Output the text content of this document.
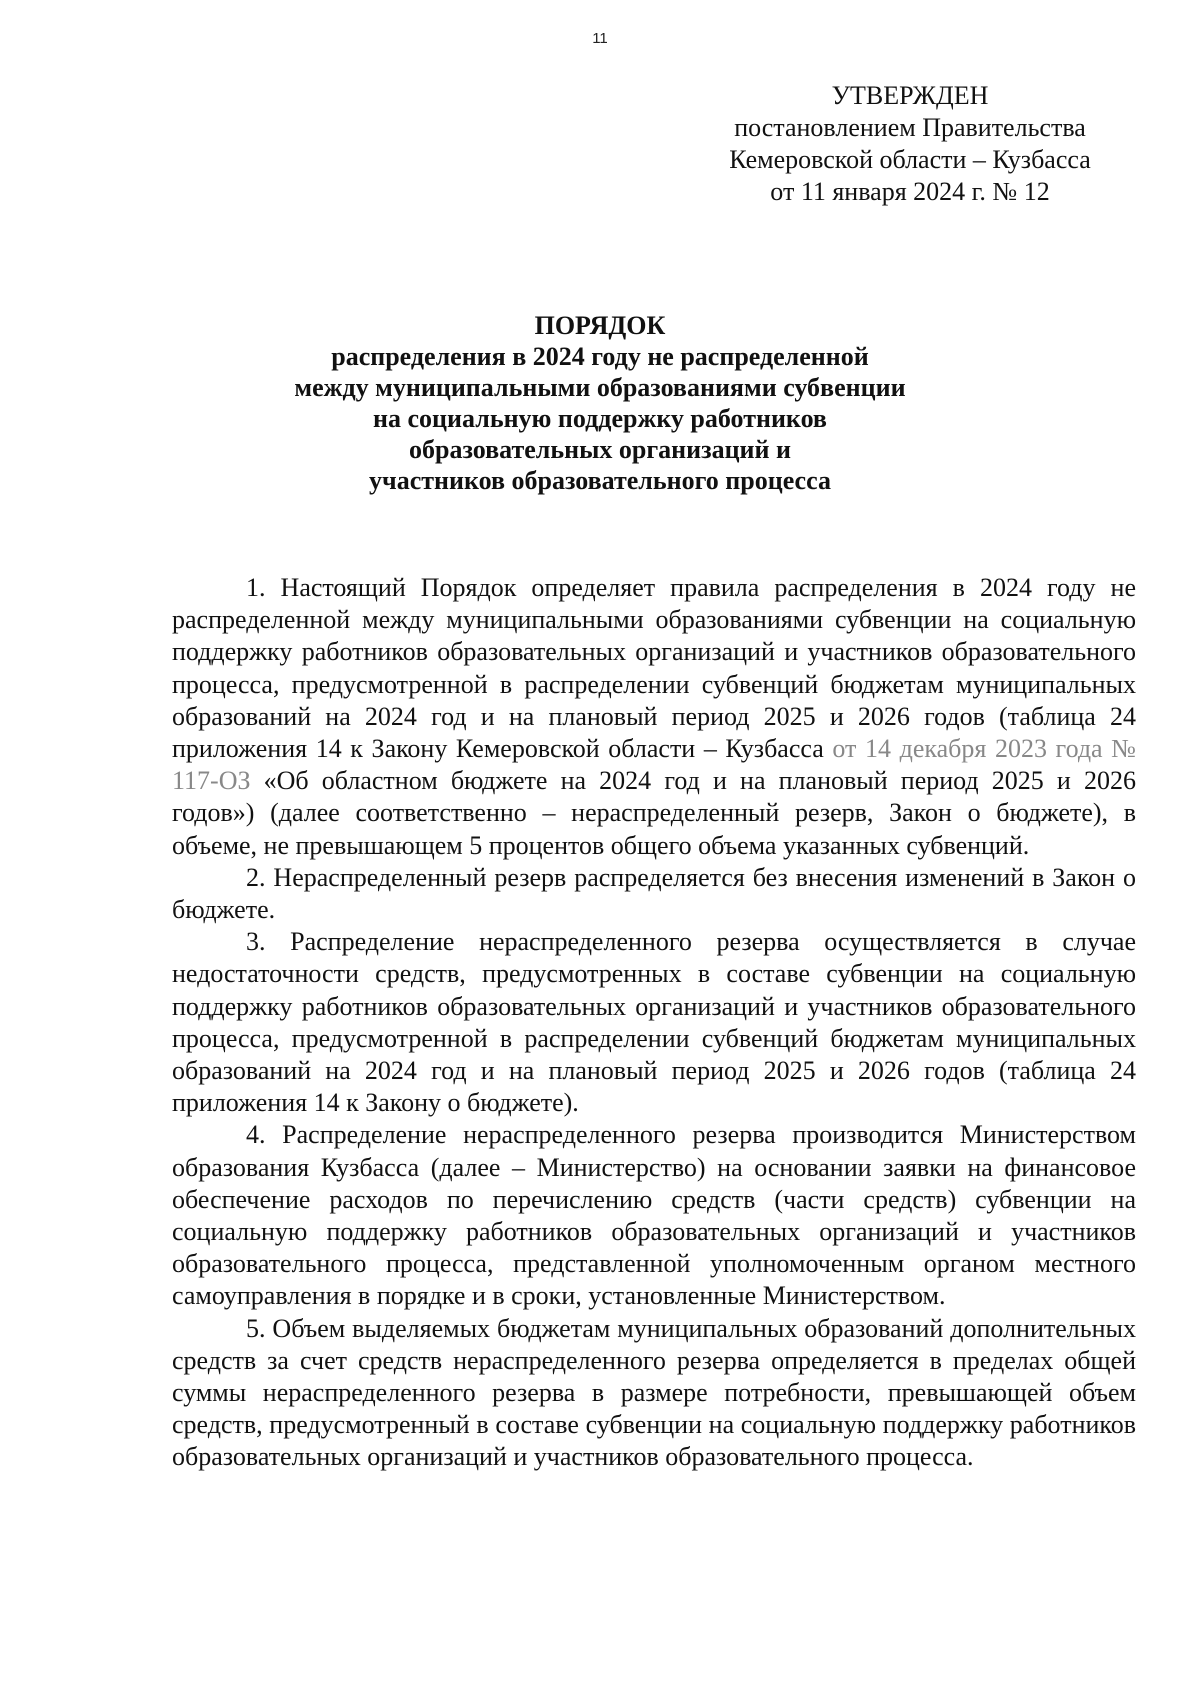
11
УТВЕРЖДЕН
постановлением Правительства
Кемеровской области – Кузбасса
от 11 января 2024 г. № 12
ПОРЯДОК
распределения в 2024 году не распределенной
между муниципальными образованиями субвенции
на социальную поддержку работников
образовательных организаций и
участников образовательного процесса

1. Настоящий Порядок определяет правила распределения в 2024 году не распределенной между муниципальными образованиями субвенции на социальную поддержку работников образовательных организаций и участников образовательного процесса, предусмотренной в распределении субвенций бюджетам муниципальных образований на 2024 год и на плановый период 2025 и 2026 годов (таблица 24 приложения 14 к Закону Кемеровской области – Кузбасса от 14 декабря 2023 года № 117-ОЗ «Об областном бюджете на 2024 год и на плановый период 2025 и 2026 годов») (далее соответственно – нераспределенный резерв, Закон о бюджете), в объеме, не превышающем 5 процентов общего объема указанных субвенций.

2. Нераспределенный резерв распределяется без внесения изменений в Закон о бюджете.

3. Распределение нераспределенного резерва осуществляется в случае недостаточности средств, предусмотренных в составе субвенции на социальную поддержку работников образовательных организаций и участников образовательного процесса, предусмотренной в распределении субвенций бюджетам муниципальных образований на 2024 год и на плановый период 2025 и 2026 годов (таблица 24 приложения 14 к Закону о бюджете).

4. Распределение нераспределенного резерва производится Министерством образования Кузбасса (далее – Министерство) на основании заявки на финансовое обеспечение расходов по перечислению средств (части средств) субвенции на социальную поддержку работников образовательных организаций и участников образовательного процесса, представленной уполномоченным органом местного самоуправления в порядке и в сроки, установленные Министерством.

5. Объем выделяемых бюджетам муниципальных образований дополнительных средств за счет средств нераспределенного резерва определяется в пределах общей суммы нераспределенного резерва в размере потребности, превышающей объем средств, предусмотренный в составе субвенции на социальную поддержку работников образовательных организаций и участников образовательного процесса.
